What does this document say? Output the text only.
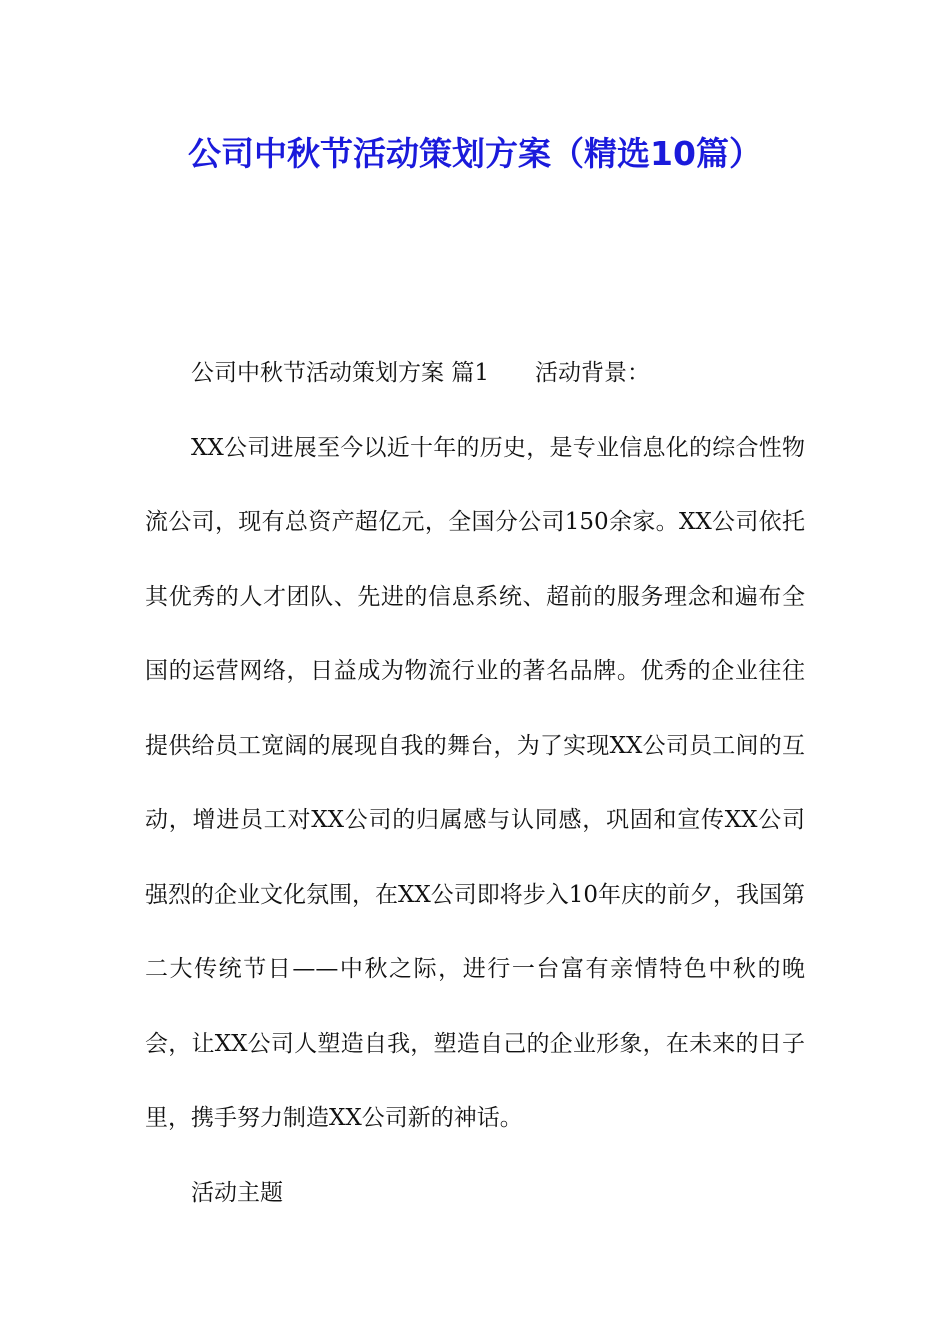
公司中秋节活动策划方案（精选10篇）

公司中秋节活动策划方案 篇1 活动背景：

XX公司进展至今以近十年的历史，是专业信息化的综合性物流公司，现有总资产超亿元，全国分公司150余家。XX公司依托其优秀的人才团队、先进的信息系统、超前的服务理念和遍布全国的运营网络，日益成为物流行业的著名品牌。优秀的企业往往提供给员工宽阔的展现自我的舞台，为了实现XX公司员工间的互动，增进员工对XX公司的归属感与认同感，巩固和宣传XX公司强烈的企业文化氛围，在XX公司即将步入10年庆的前夕，我国第二大传统节日——中秋之际，进行一台富有亲情特色中秋的晚会，让XX公司人塑造自我，塑造自己的企业形象，在未来的日子里，携手努力制造XX公司新的神话。

活动主题
